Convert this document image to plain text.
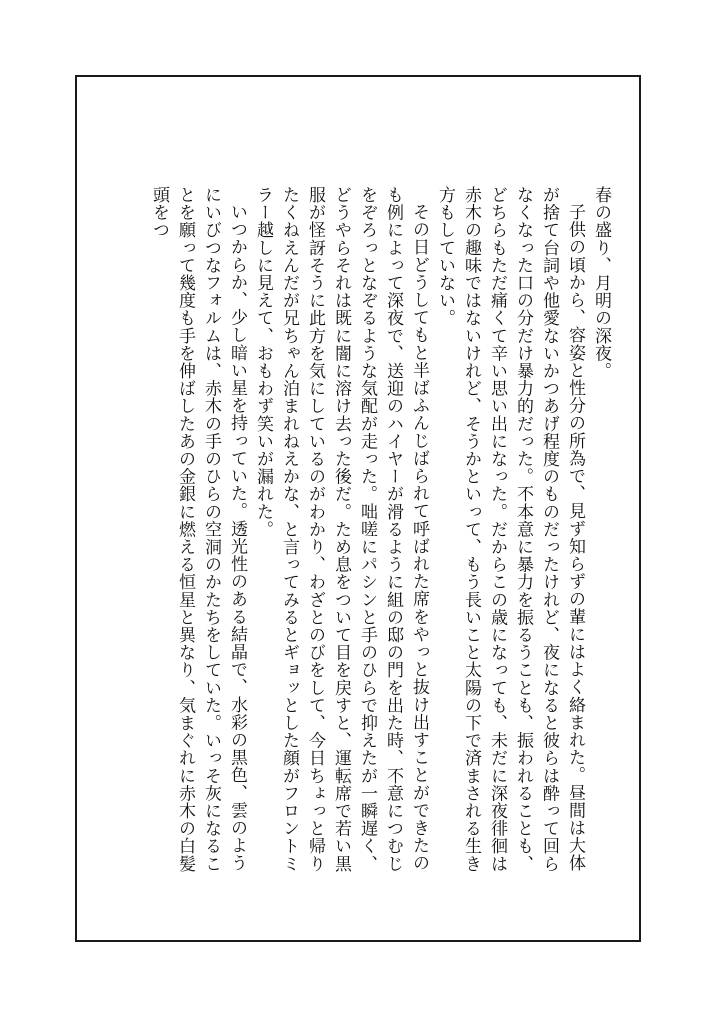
春の盛り、月明の深夜。

子供の頃から、容姿と性分の所為で、見ず知らずの輩にはよく絡まれた。昼間は大体が捨て台詞や他愛ないかつあげ程度のものだったけれど、夜になると彼らは酔って回らなくなった口の分だけ暴力的だった。不本意に暴力を振るうことも、振われることも、どちらもただ痛くて辛い思い出になった。だからこの歳になっても、未だに深夜徘徊は赤木の趣味ではないけれど、そうかといって、もう長いこと太陽の下で済まされる生き方もしていない。

その日どうしてもと半ばふんじばられて呼ばれた席をやっと抜け出すことができたのも例によって深夜で、送迎のハイヤーが滑るように組の邸の門を出た時、不意につむじをぞろっとなぞるような気配が走った。咄嗟にパシンと手のひらで抑えたが一瞬遅く、どうやらそれは既に闇に溶け去った後だ。ため息をついて目を戻すと、運転席で若い黒服が怪訝そうに此方を気にしているのがわかり、わざとのびをして、今日ちょっと帰りたくねえんだが兄ちゃん泊まれねえかな、と言ってみるとギョッとした顔がフロントミラー越しに見えて、おもわず笑いが漏れた。

いつからか、少し暗い星を持っていた。透光性のある結晶で、水彩の黒色、雲のようにいびつなフォルムは、赤木の手のひらの空洞のかたちをしていた。いっそ灰になることを願って幾度も手を伸ばしたあの金銀に燃える恒星と異なり、気まぐれに赤木の白髪頭をつ
